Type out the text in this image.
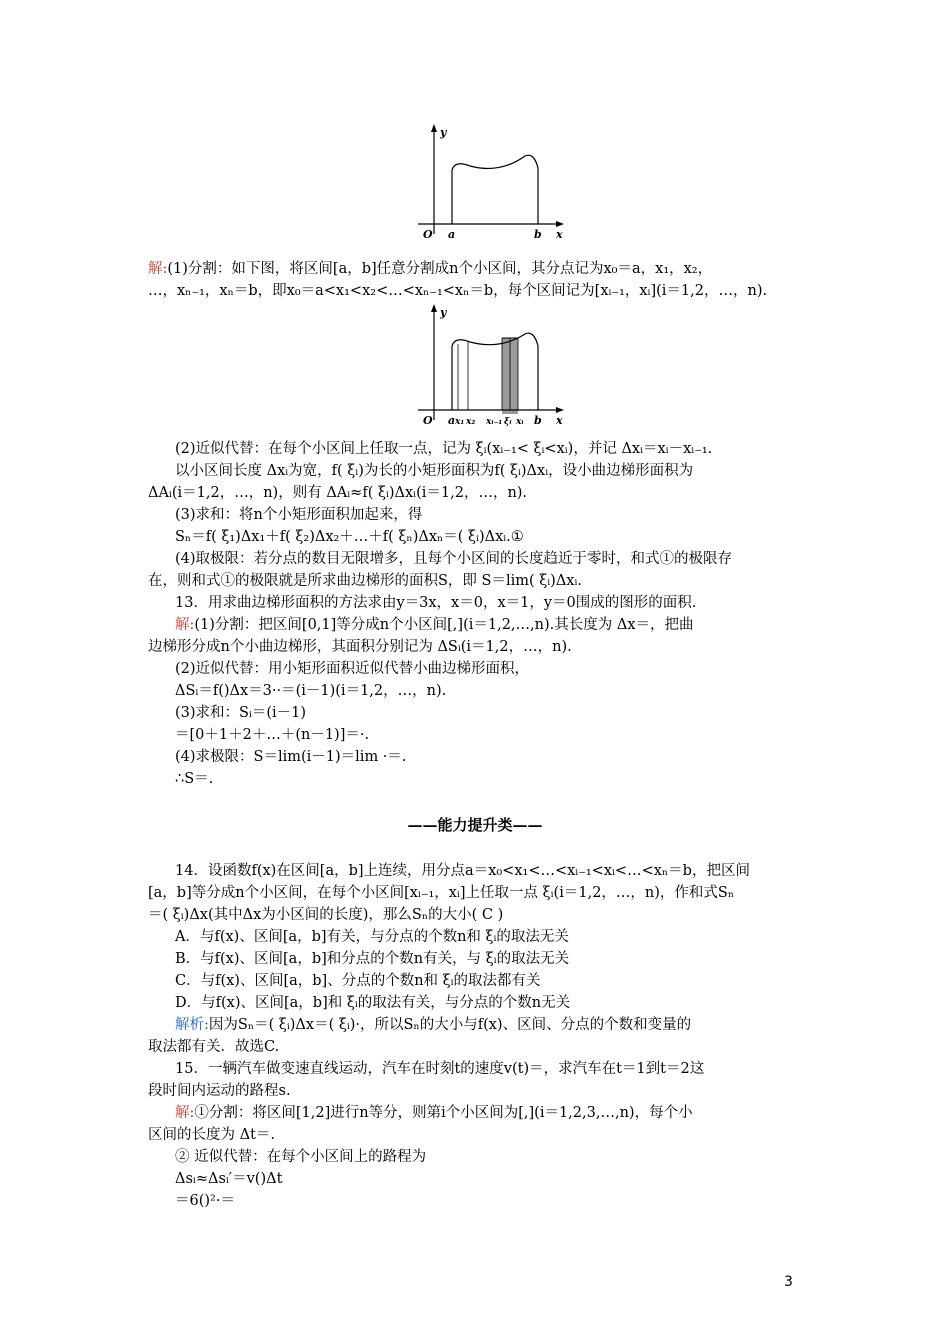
y
O a	b x
解:(1)分割：如下图，将区间[a，b]任意分割成n个小区间，其分点记为x₀＝a，x₁，x₂，
…，xₙ₋₁，xₙ＝b，即x₀＝a<x₁<x₂<…<xₙ₋₁<xₙ＝b，每个区间记为[xᵢ₋₁，xᵢ](i＝1,2，…，n).
y
O a x₁ x₂ xᵢ₋₁ ξᵢ xᵢ b x
(2)近似代替：在每个小区间上任取一点，记为 ξᵢ(xᵢ₋₁< ξᵢ<xᵢ)，并记 Δxᵢ＝xᵢ－xᵢ₋₁.
以小区间长度 Δxᵢ为宽，f( ξᵢ)为长的小矩形面积为f( ξᵢ)Δxᵢ，设小曲边梯形面积为
ΔAᵢ(i＝1,2，…，n)，则有 ΔAᵢ≈f( ξᵢ)Δxᵢ(i＝1,2，…，n).
(3)求和：将n个小矩形面积加起来，得
Sₙ＝f( ξ₁)Δx₁＋f( ξ₂)Δx₂＋…＋f( ξₙ)Δxₙ＝( ξᵢ)Δxᵢ.①
(4)取极限：若分点的数目无限增多，且每个小区间的长度趋近于零时，和式①的极限存
在，则和式①的极限就是所求曲边梯形的面积S，即 S＝lim( ξᵢ)Δxᵢ.
13．用求曲边梯形面积的方法求由y＝3x，x＝0，x＝1，y＝0围成的图形的面积.
解:(1)分割：把区间[0,1]等分成n个小区间[,](i＝1,2,…,n).其长度为 Δx＝，把曲
边梯形分成n个小曲边梯形，其面积分别记为 ΔSᵢ(i＝1,2，…，n).
(2)近似代替：用小矩形面积近似代替小曲边梯形面积，
ΔSᵢ＝f()Δx＝3··＝(i－1)(i＝1,2，…，n).
(3)求和：Sᵢ＝(i－1)
＝[0＋1＋2＋…＋(n－1)]＝·.
(4)求极限：S＝lim(i－1)＝lim ·＝.
∴S＝.
——能力提升类——
14．设函数f(x)在区间[a，b]上连续，用分点a＝x₀<x₁<…<xᵢ₋₁<xᵢ<…<xₙ＝b，把区间
[a，b]等分成n个小区间，在每个小区间[xᵢ₋₁，xᵢ]上任取一点 ξᵢ(i＝1,2，…，n)，作和式Sₙ
＝( ξᵢ)Δx(其中Δx为小区间的长度)，那么Sₙ的大小( C )
A．与f(x)、区间[a，b]有关，与分点的个数n和 ξᵢ的取法无关
B．与f(x)、区间[a，b]和分点的个数n有关，与 ξᵢ的取法无关
C．与f(x)、区间[a，b]、分点的个数n和 ξᵢ的取法都有关
D．与f(x)、区间[a，b]和 ξᵢ的取法有关，与分点的个数n无关
解析:因为Sₙ＝( ξᵢ)Δx＝( ξᵢ)·，所以Sₙ的大小与f(x)、区间、分点的个数和变量的
取法都有关．故选C.
15．一辆汽车做变速直线运动，汽车在时刻t的速度v(t)＝，求汽车在t＝1到t＝2这
段时间内运动的路程s.
解:①分割：将区间[1,2]进行n等分，则第i个小区间为[,](i＝1,2,3,…,n)，每个小
区间的长度为 Δt＝.
② 近似代替：在每个小区间上的路程为
Δsᵢ≈Δsᵢ′＝v()Δt
＝6()²·＝
3
